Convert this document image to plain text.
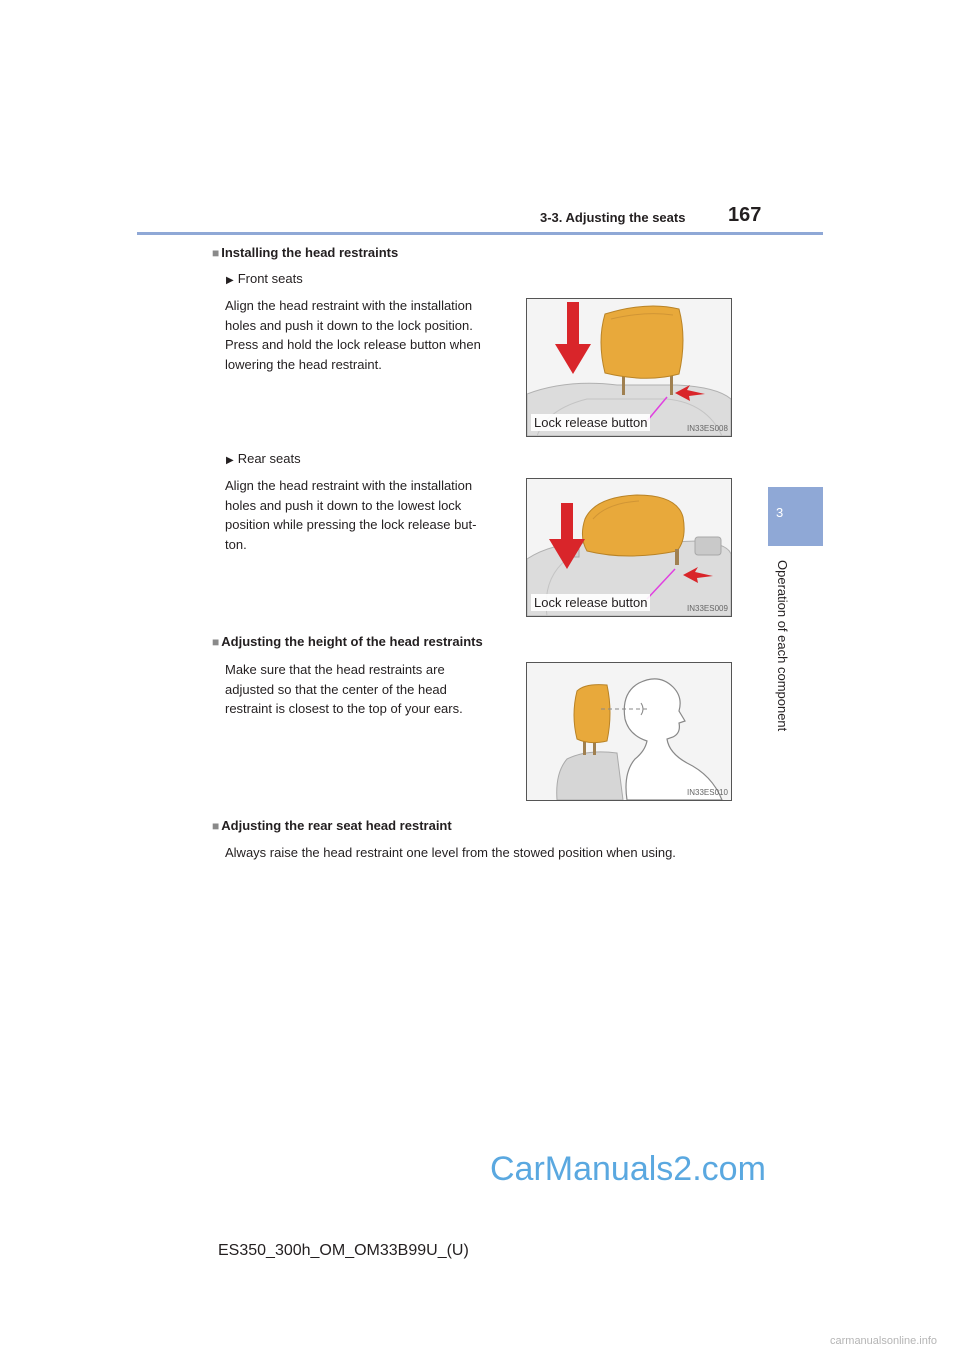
3-3. Adjusting the seats 167
3
Operation of each component
■ Installing the head restraints
▶ Front seats
Align the head restraint with the installation
holes and push it down to the lock position.
Press and hold the lock release button when
lowering the head restraint.
Lock release button	IN33ES008
▶ Rear seats
Align the head restraint with the installation
holes and push it down to the lowest lock
position while pressing the lock release but-
ton.
Lock release button	IN33ES009
■ Adjusting the height of the head restraints
Make sure that the head restraints are
adjusted so that the center of the head
restraint is closest to the top of your ears.
IN33ES010
■ Adjusting the rear seat head restraint
Always raise the head restraint one level from the stowed position when using.
ES350_300h_OM_OM33B99U_(U)
CarManuals2.com
carmanualsonline.info
